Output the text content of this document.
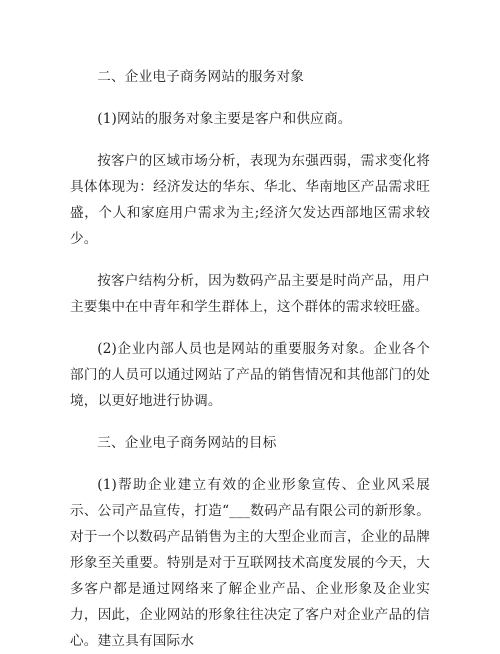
二、企业电子商务网站的服务对象

(1)网站的服务对象主要是客户和供应商。

按客户的区域市场分析，表现为东强西弱，需求变化将具体体现为：经济发达的华东、华北、华南地区产品需求旺盛，个人和家庭用户需求为主;经济欠发达西部地区需求较少。

按客户结构分析，因为数码产品主要是时尚产品，用户主要集中在中青年和学生群体上，这个群体的需求较旺盛。

(2)企业内部人员也是网站的重要服务对象。企业各个部门的人员可以通过网站了产品的销售情况和其他部门的处境，以更好地进行协调。

三、企业电子商务网站的目标

(1)帮助企业建立有效的企业形象宣传、企业风采展示、公司产品宣传，打造“___数码产品有限公司的新形象。对于一个以数码产品销售为主的大型企业而言，企业的品牌形象至关重要。特别是对于互联网技术高度发展的今天，大多客户都是通过网络来了解企业产品、企业形象及企业实力，因此，企业网站的形象往往决定了客户对企业产品的信心。建立具有国际水
